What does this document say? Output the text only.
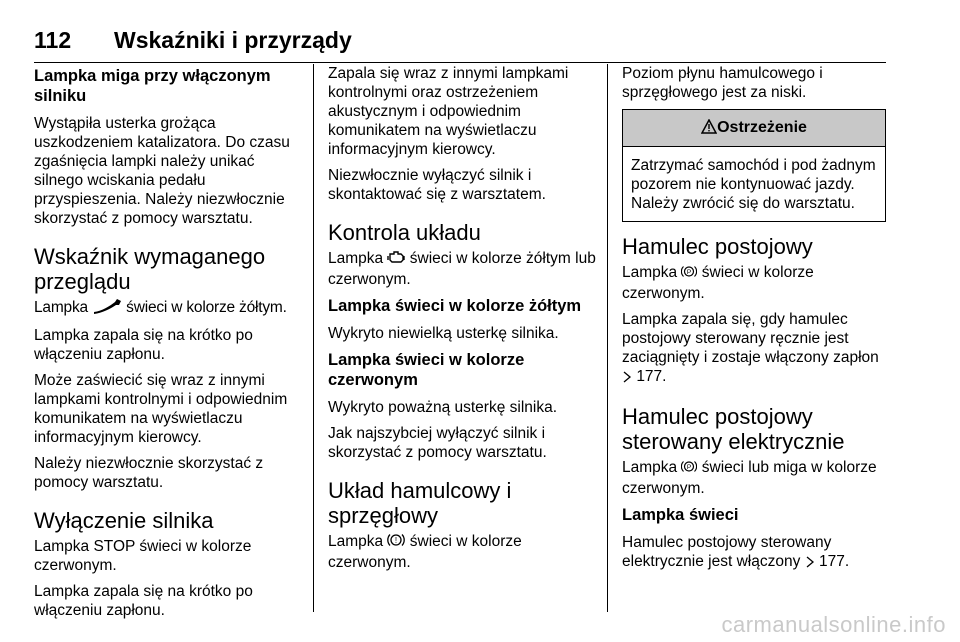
112 Wskaźniki i przyrządy
Lampka miga przy włączonym silniku

Wystąpiła usterka grożąca uszkodzeniem katalizatora. Do czasu zgaśnięcia lampki należy unikać silnego wciskania pedału przyspieszenia. Należy niezwłocznie skorzystać z pomocy warsztatu.

Wskaźnik wymaganego przeglądu

Lampka świeci w kolorze żółtym.

Lampka zapala się na krótko po włączeniu zapłonu.

Może zaświecić się wraz z innymi lampkami kontrolnymi i odpowiednim komunikatem na wyświetlaczu informacyjnym kierowcy.

Należy niezwłocznie skorzystać z pomocy warsztatu.

Wyłączenie silnika

Lampka STOP świeci w kolorze czerwonym.

Lampka zapala się na krótko po włączeniu zapłonu.

Zapala się wraz z innymi lampkami kontrolnymi oraz ostrzeżeniem akustycznym i odpowiednim komunikatem na wyświetlaczu informacyjnym kierowcy.

Niezwłocznie wyłączyć silnik i skontaktować się z warsztatem.

Kontrola układu

Lampka świeci w kolorze żółtym lub czerwonym.

Lampka świeci w kolorze żółtym

Wykryto niewielką usterkę silnika.

Lampka świeci w kolorze czerwonym

Wykryto poważną usterkę silnika.

Jak najszybciej wyłączyć silnik i skorzystać z pomocy warsztatu.

Układ hamulcowy i sprzęgłowy

Lampka ! świeci w kolorze czerwonym.

Poziom płynu hamulcowego i sprzęgłowego jest za niski.

Ostrzeżenie
Zatrzymać samochód i pod żadnym pozorem nie kontynuować jazdy. Należy zwrócić się do warsztatu.
Hamulec postojowy

Lampka P świeci w kolorze czerwonym.

Lampka zapala się, gdy hamulec postojowy sterowany ręcznie jest zaciągnięty i zostaje włączony zapłon  177.

Hamulec postojowy sterowany elektrycznie

Lampka P świeci lub miga w kolorze czerwonym.

Lampka świeci

Hamulec postojowy sterowany elektrycznie jest włączony 177.

carmanualsonline.info
